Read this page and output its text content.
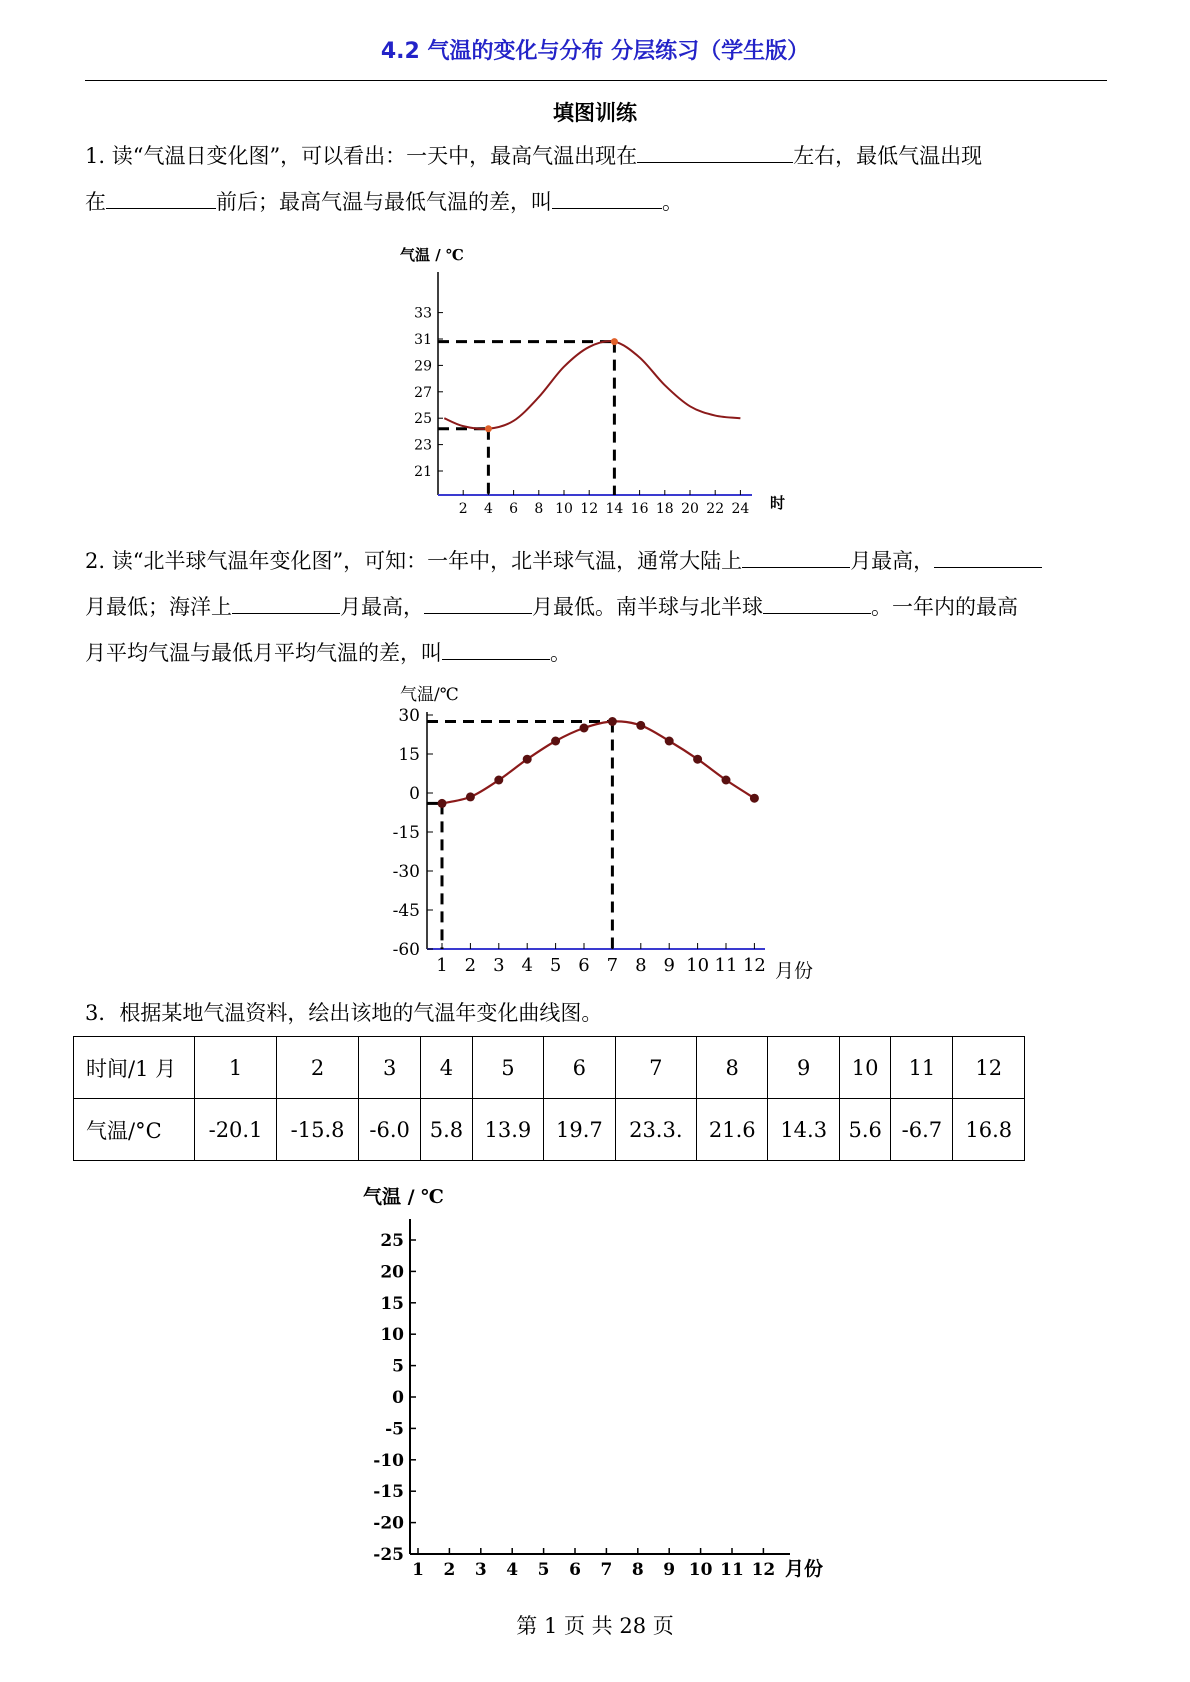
4.2 气温的变化与分布 分层练习（学生版）
填图训练
1. 读“气温日变化图”，可以看出：一天中，最高气温出现在	左右，最低气温出现
在	前后；最高气温与最低气温的差，叫	。
气温 / ℃
时
21
23
25
27
29
31
33
2 4 6 8 10 12 14 16 18 20 22 24
2. 读“北半球气温年变化图”，可知：一年中，北半球气温，通常大陆上	月最高，
月最低；海洋上	月最高，	月最低。南半球与北半球	。一年内的最高
月平均气温与最低月平均气温的差，叫	。
气温/℃
月份
30
15
0
-15
-30
-45
-60
1 2 3 4 5 6 7 8 9 10 11 12
3．根据某地气温资料，绘出该地的气温年变化曲线图。
时间/1 月	1	2	3	4	5	6	7	8	9	10	11	12
气温/°C	-20.1	-15.8	-6.0	5.8	13.9	19.7	23.3.	21.6	14.3	5.6	-6.7	16.8
气温 / ℃
月份
25
20
15
10
5
0
-5
-10
-15
-20
-25
1 2 3 4 5 6 7 8 9 10 11 12
第 1 页 共 28 页
